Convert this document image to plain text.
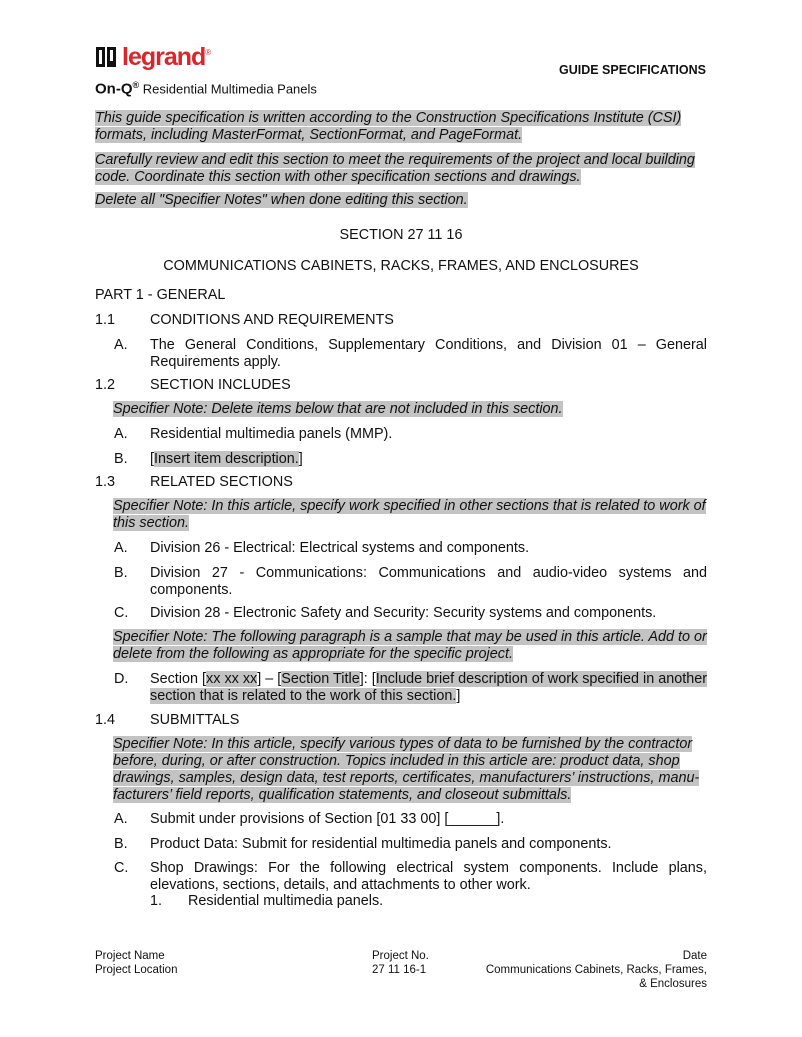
legrand®
On-Q® Residential Multimedia Panels
GUIDE SPECIFICATIONS
This guide specification is written according to the Construction Specifications Institute (CSI) formats, including MasterFormat, SectionFormat, and PageFormat.
Carefully review and edit this section to meet the requirements of the project and local building code. Coordinate this section with other specification sections and drawings.
Delete all "Specifier Notes" when done editing this section.
SECTION 27 11 16
COMMUNICATIONS CABINETS, RACKS, FRAMES, AND ENCLOSURES
PART 1 - GENERAL
1.1 CONDITIONS AND REQUIREMENTS
A. The General Conditions, Supplementary Conditions, and Division 01 – General Requirements apply.
1.2 SECTION INCLUDES
Specifier Note: Delete items below that are not included in this section.
A. Residential multimedia panels (MMP).
B. [Insert item description.]
1.3 RELATED SECTIONS
Specifier Note: In this article, specify work specified in other sections that is related to work of this section.
A. Division 26 - Electrical: Electrical systems and components.
B. Division 27 - Communications: Communications and audio-video systems and components.
C. Division 28 - Electronic Safety and Security: Security systems and components.
Specifier Note: The following paragraph is a sample that may be used in this article. Add to or delete from the following as appropriate for the specific project.
D. Section [xx xx xx] – [Section Title]: [Include brief description of work specified in another section that is related to the work of this section.]
1.4 SUBMITTALS
Specifier Note: In this article, specify various types of data to be furnished by the contractor before, during, or after construction. Topics included in this article are: product data, shop drawings, samples, design data, test reports, certificates, manufacturers’ instructions, manu-facturers’ field reports, qualification statements, and closeout submittals.
A. Submit under provisions of Section [01 33 00] [______].
B. Product Data: Submit for residential multimedia panels and components.
C. Shop Drawings: For the following electrical system components. Include plans, elevations, sections, details, and attachments to other work.
1. Residential multimedia panels.
Project Name
Project Location
Project No.
27 11 16-1
Date
Communications Cabinets, Racks, Frames,
& Enclosures
